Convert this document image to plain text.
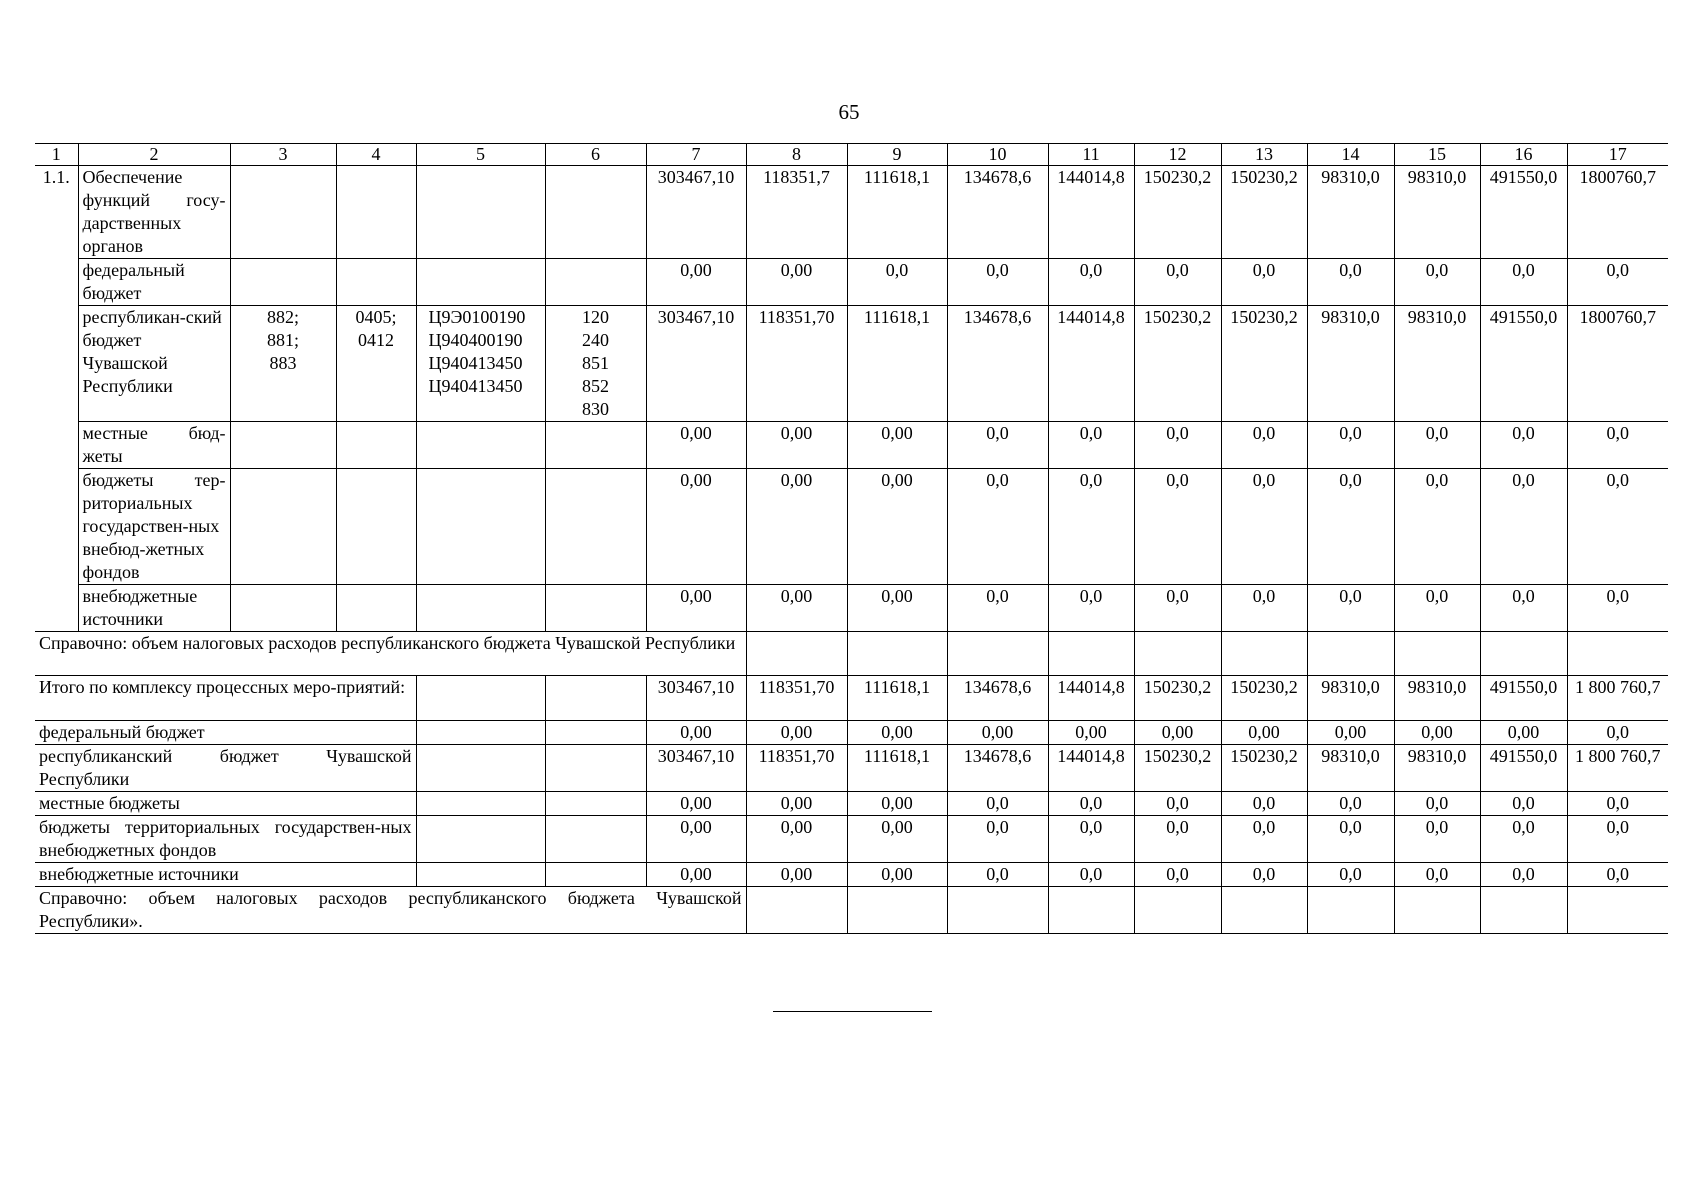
65
1	2	3	4	5	6	7	8	9	10	11	12	13	14	15	16	17
1.1.	Обеспечение функций госу-дарственных органов					303467,10	118351,7	111618,1	134678,6	144014,8	150230,2	150230,2	98310,0	98310,0	491550,0	1800760,7
	федеральный бюджет					0,00	0,00	0,0	0,0	0,0	0,0	0,0	0,0	0,0	0,0	0,0
	республикан-ский бюджет Чувашской Республики	882;
881;
883	0405;
0412	Ц9Э0100190
Ц940400190
Ц940413450
Ц940413450	120
240
851
852
830	303467,10	118351,70	111618,1	134678,6	144014,8	150230,2	150230,2	98310,0	98310,0	491550,0	1800760,7
	местные бюд-жеты					0,00	0,00	0,00	0,0	0,0	0,0	0,0	0,0	0,0	0,0	0,0
	бюджеты тер-риториальных государствен-ных внебюд-жетных фондов					0,00	0,00	0,00	0,0	0,0	0,0	0,0	0,0	0,0	0,0	0,0
	внебюджетные источники					0,00	0,00	0,00	0,0	0,0	0,0	0,0	0,0	0,0	0,0	0,0
Справочно: объем налоговых расходов республиканского бюджета Чувашской Республики																
Итого по комплексу процессных меро-приятий:						303467,10	118351,70	111618,1	134678,6	144014,8	150230,2	150230,2	98310,0	98310,0	491550,0	1 800 760,7
федеральный бюджет						0,00	0,00	0,00	0,00	0,00	0,00	0,00	0,00	0,00	0,00	0,0
республиканский бюджет Чувашской Республики						303467,10	118351,70	111618,1	134678,6	144014,8	150230,2	150230,2	98310,0	98310,0	491550,0	1 800 760,7
местные бюджеты						0,00	0,00	0,00	0,0	0,0	0,0	0,0	0,0	0,0	0,0	0,0
бюджеты территориальных государствен-ных внебюджетных фондов						0,00	0,00	0,00	0,0	0,0	0,0	0,0	0,0	0,0	0,0	0,0
внебюджетные источники						0,00	0,00	0,00	0,0	0,0	0,0	0,0	0,0	0,0	0,0	0,0
Справочно: объем налоговых расходов республиканского бюджета Чувашской Республики».																
